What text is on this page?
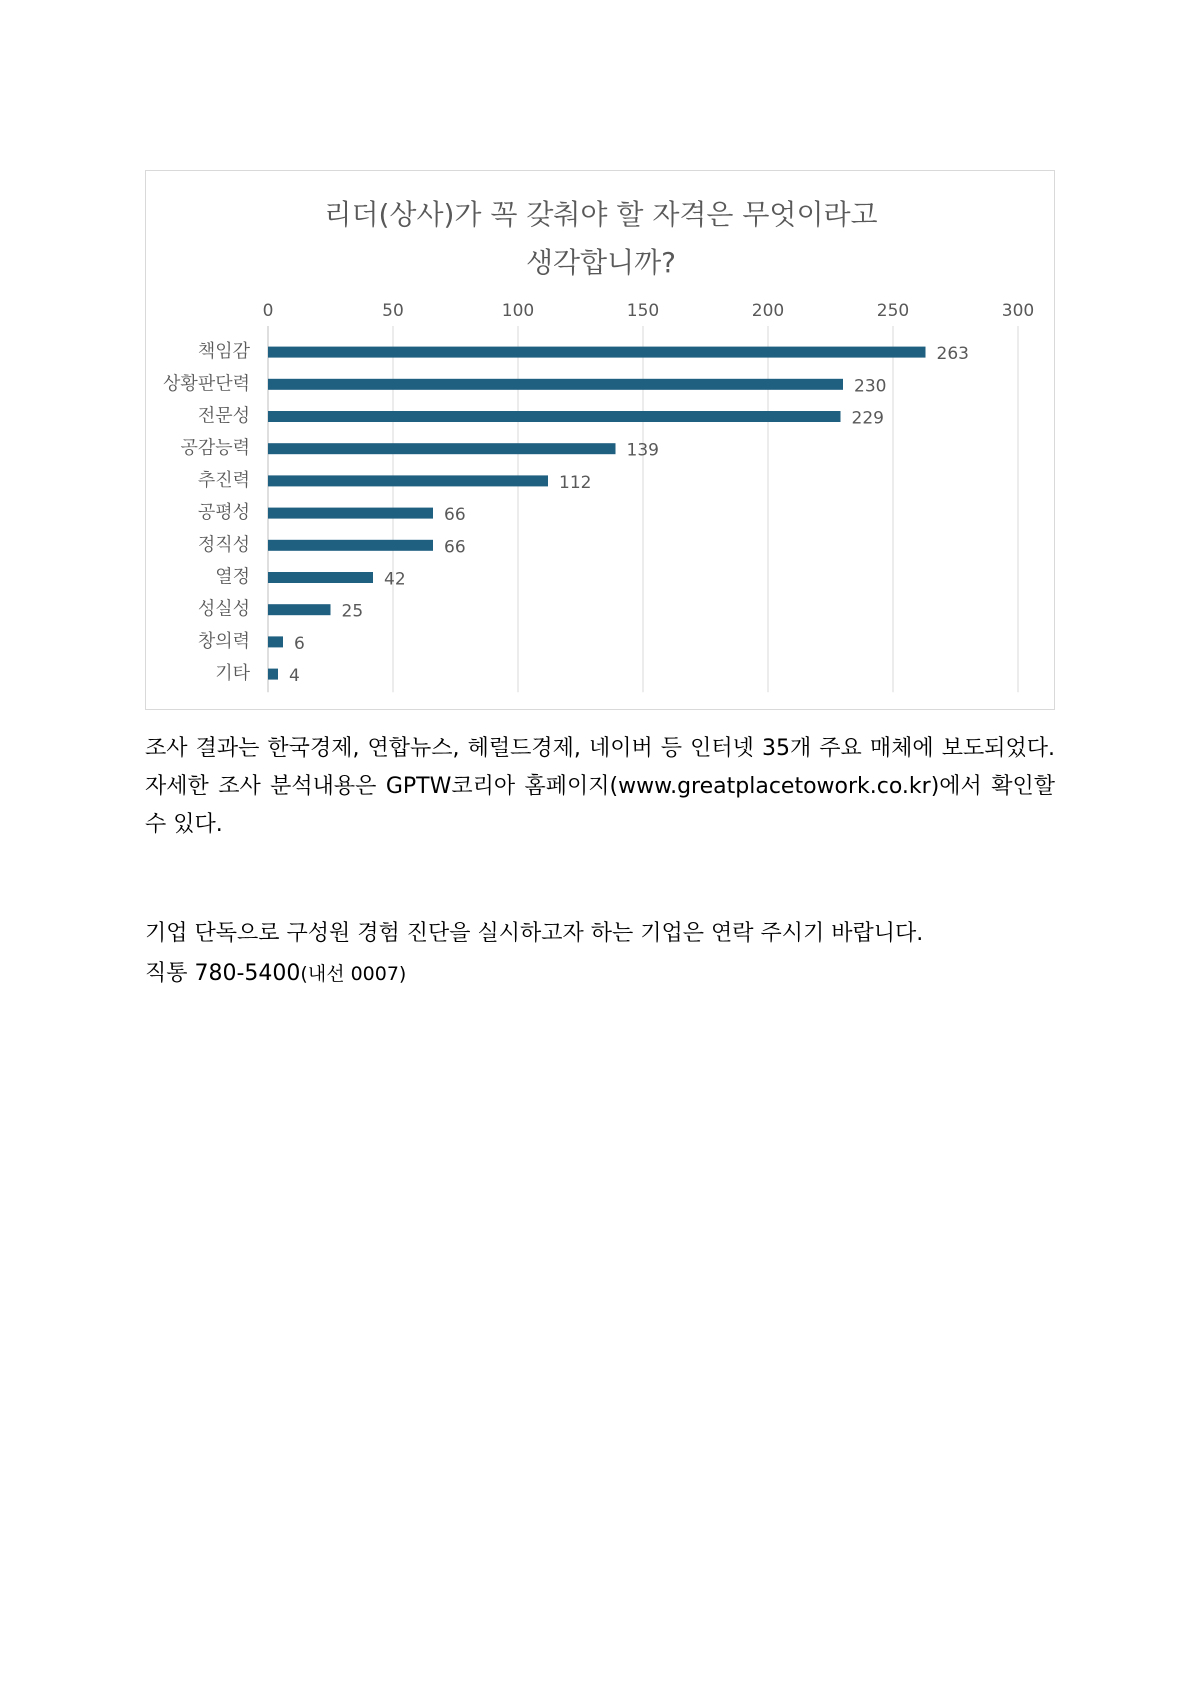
리더(상사)가 꼭 갖춰야 할 자격은 무엇이라고
생각합니까?
0	50	100	150	200	250	300
책임감	263
상황판단력	230
전문성	229
공감능력	139
추진력	112
공평성	66
정직성	66
열정	42
성실성	25
창의력	6
기타 4

조사 결과는 한국경제, 연합뉴스, 헤럴드경제, 네이버 등 인터넷 35개 주요 매체에 보도되었다. 자세한 조사 분석내용은 GPTW코리아 홈페이지(www.greatplacetowork.co.kr)에서 확인할 수 있다.

기업 단독으로 구성원 경험 진단을 실시하고자 하는 기업은 연락 주시기 바랍니다.

직통 780-5400(내선 0007)
